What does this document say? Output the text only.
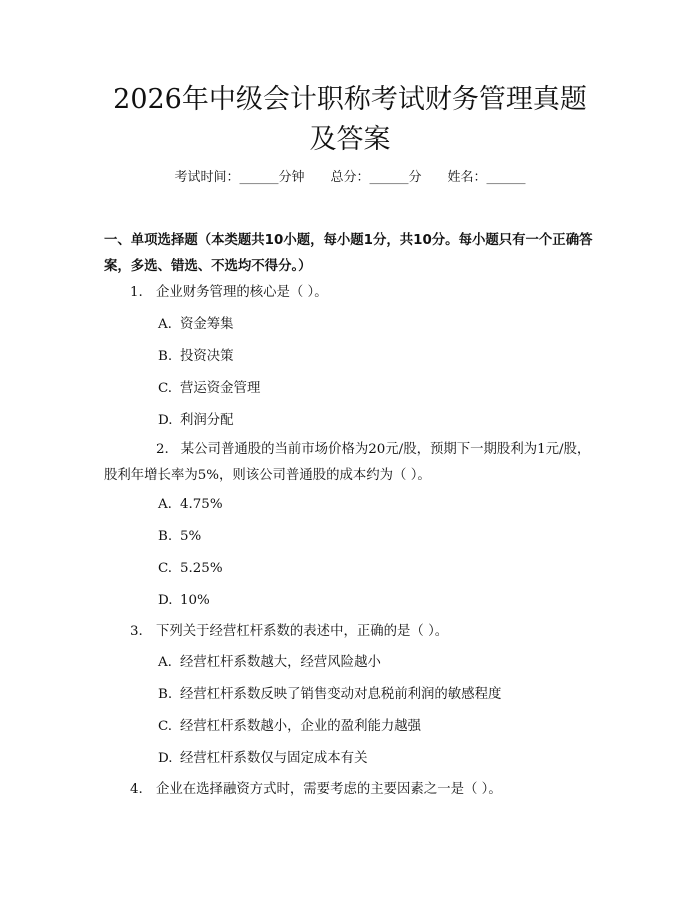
2026年中级会计职称考试财务管理真题及答案
考试时间：______分钟 总分：______分 姓名：______
一、单项选择题（本类题共10小题，每小题1分，共10分。每小题只有一个正确答案，多选、错选、不选均不得分。）
1. 企业财务管理的核心是（ ）。
A. 资金筹集
B. 投资决策
C. 营运资金管理
D. 利润分配
2. 某公司普通股的当前市场价格为20元/股，预期下一期股利为1元/股，股利年增长率为5%，则该公司普通股的成本约为（ ）。
A. 4.75%
B. 5%
C. 5.25%
D. 10%
3. 下列关于经营杠杆系数的表述中，正确的是（ ）。
A. 经营杠杆系数越大，经营风险越小
B. 经营杠杆系数反映了销售变动对息税前利润的敏感程度
C. 经营杠杆系数越小，企业的盈利能力越强
D. 经营杠杆系数仅与固定成本有关
4. 企业在选择融资方式时，需要考虑的主要因素之一是（ ）。
